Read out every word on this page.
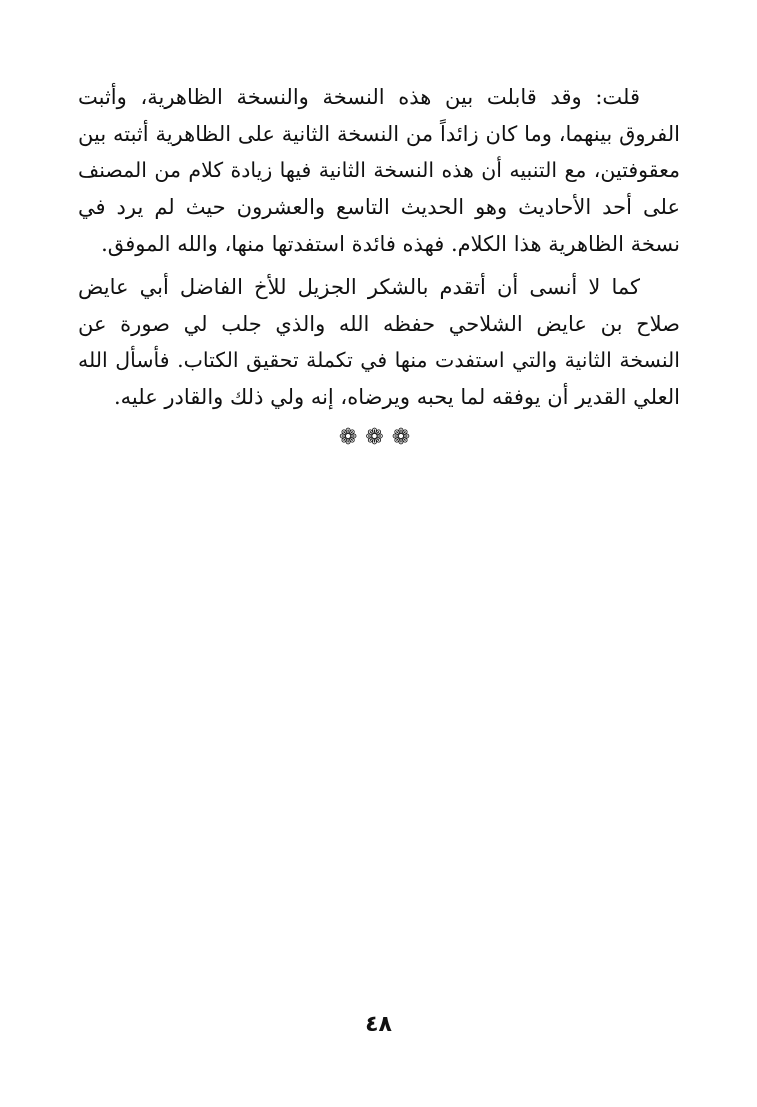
قلت: وقد قابلت بين هذه النسخة والنسخة الظاهرية، وأثبت
الفروق بينهما، وما كان زائداً من النسخة الثانية على الظاهرية أثبته بين
معقوفتين، مع التنبيه أن هذه النسخة الثانية فيها زيادة كلام من المصنف
على أحد الأحاديث وهو الحديث التاسع والعشرون حيث لم يرد في
نسخة الظاهرية هذا الكلام. فهذه فائدة استفدتها منها، والله الموفق.
كما لا أنسى أن أتقدم بالشكر الجزيل للأخ الفاضل أبي عايض
صلاح بن عايض الشلاحي حفظه الله والذي جلب لي صورة عن
النسخة الثانية والتي استفدت منها في تكملة تحقيق الكتاب. فأسأل الله
العلي القدير أن يوفقه لما يحبه ويرضاه، إنه ولي ذلك والقادر عليه.
❁❁❁
٤٨
